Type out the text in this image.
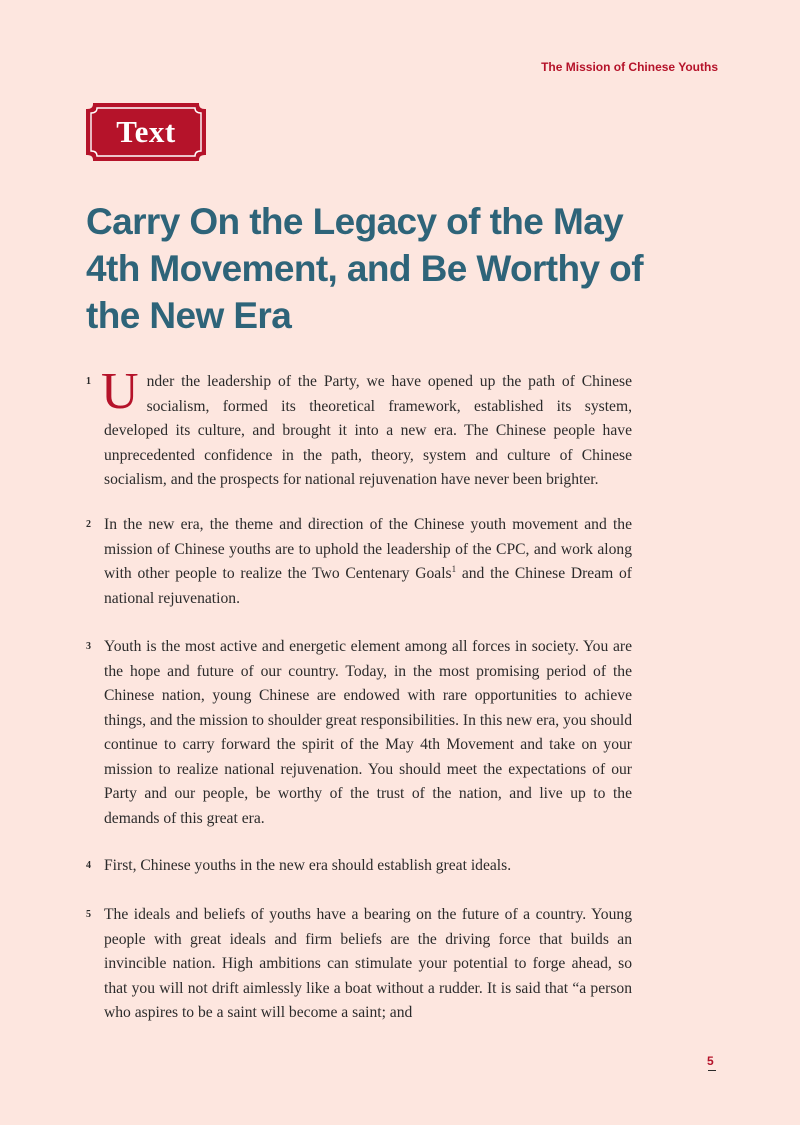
The Mission of Chinese Youths
Text
Carry On the Legacy of the May 4th Movement, and Be Worthy of the New Era
1 Under the leadership of the Party, we have opened up the path of Chinese socialism, formed its theoretical framework, established its system, developed its culture, and brought it into a new era. The Chinese people have unprecedented confidence in the path, theory, system and culture of Chinese socialism, and the prospects for national rejuvenation have never been brighter.

2 In the new era, the theme and direction of the Chinese youth movement and the mission of Chinese youths are to uphold the leadership of the CPC, and work along with other people to realize the Two Centenary Goals$^1$ and the Chinese Dream of national rejuvenation.

3 Youth is the most active and energetic element among all forces in society. You are the hope and future of our country. Today, in the most promising period of the Chinese nation, young Chinese are endowed with rare opportunities to achieve things, and the mission to shoulder great responsibilities. In this new era, you should continue to carry forward the spirit of the May 4th Movement and take on your mission to realize national rejuvenation. You should meet the expectations of our Party and our people, be worthy of the trust of the nation, and live up to the demands of this great era.

4 First, Chinese youths in the new era should establish great ideals.

5 The ideals and beliefs of youths have a bearing on the future of a country. Young people with great ideals and firm beliefs are the driving force that builds an invincible nation. High ambitions can stimulate your potential to forge ahead, so that you will not drift aimlessly like a boat without a rudder. It is said that “a person who aspires to be a saint will become a saint; and

5
